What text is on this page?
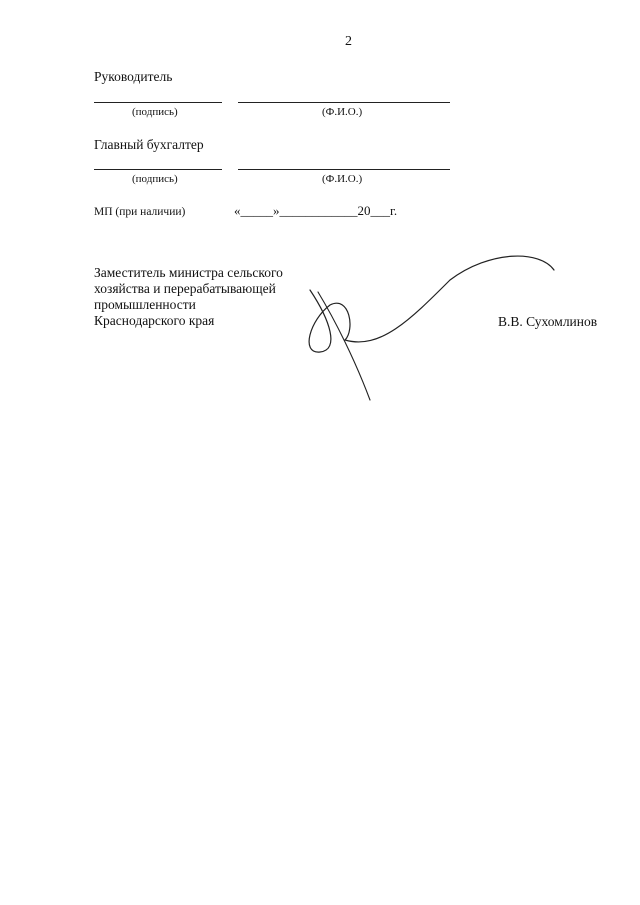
2
Руководитель
(подпись)	(Ф.И.О.)
Главный бухгалтер
(подпись)	(Ф.И.О.)
МП (при наличии)	«_____»____________20___г.
Заместитель министра сельского
хозяйства и перерабатывающей
промышленности
Краснодарского края	В.В. Сухомлинов
